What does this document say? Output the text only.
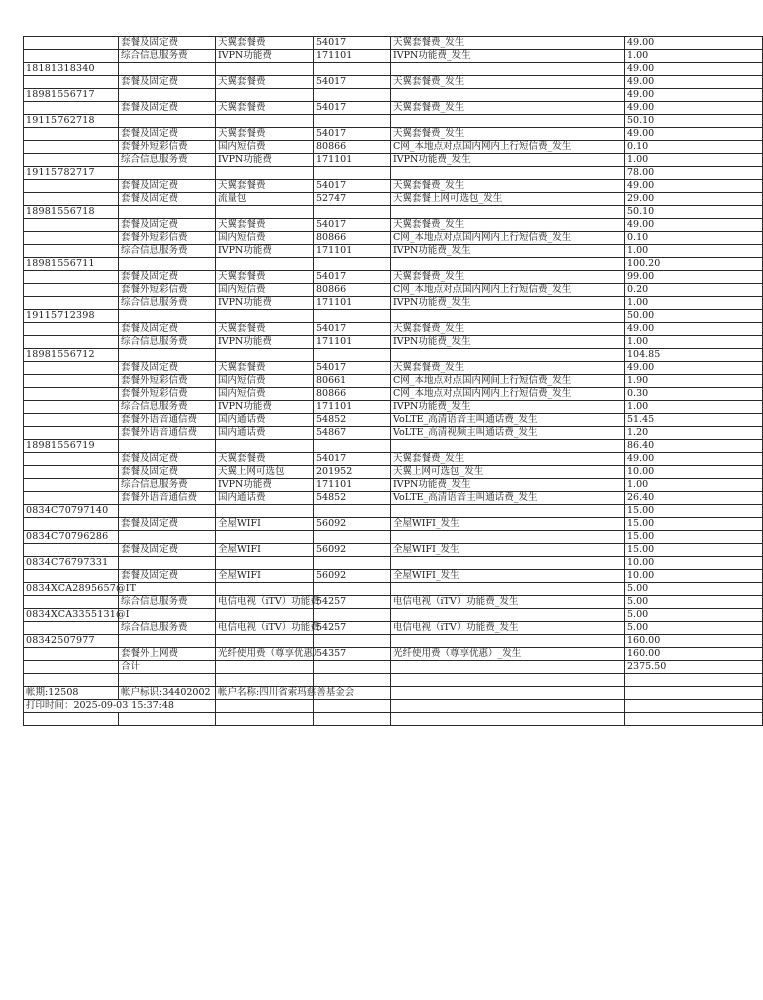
	套餐及固定费	天翼套餐费	54017	天翼套餐费_发生	49.00
	综合信息服务费	IVPN功能费	171101	IVPN功能费_发生	1.00
18181318340					49.00
	套餐及固定费	天翼套餐费	54017	天翼套餐费_发生	49.00
18981556717					49.00
	套餐及固定费	天翼套餐费	54017	天翼套餐费_发生	49.00
19115762718					50.10
	套餐及固定费	天翼套餐费	54017	天翼套餐费_发生	49.00
	套餐外短彩信费	国内短信费	80866	C网_本地点对点国内网内上行短信费_发生	0.10
	综合信息服务费	IVPN功能费	171101	IVPN功能费_发生	1.00
19115782717					78.00
	套餐及固定费	天翼套餐费	54017	天翼套餐费_发生	49.00
	套餐及固定费	流量包	52747	天翼套餐上网可选包_发生	29.00
18981556718					50.10
	套餐及固定费	天翼套餐费	54017	天翼套餐费_发生	49.00
	套餐外短彩信费	国内短信费	80866	C网_本地点对点国内网内上行短信费_发生	0.10
	综合信息服务费	IVPN功能费	171101	IVPN功能费_发生	1.00
18981556711					100.20
	套餐及固定费	天翼套餐费	54017	天翼套餐费_发生	99.00
	套餐外短彩信费	国内短信费	80866	C网_本地点对点国内网内上行短信费_发生	0.20
	综合信息服务费	IVPN功能费	171101	IVPN功能费_发生	1.00
19115712398					50.00
	套餐及固定费	天翼套餐费	54017	天翼套餐费_发生	49.00
	综合信息服务费	IVPN功能费	171101	IVPN功能费_发生	1.00
18981556712					104.85
	套餐及固定费	天翼套餐费	54017	天翼套餐费_发生	49.00
	套餐外短彩信费	国内短信费	80661	C网_本地点对点国内网间上行短信费_发生	1.90
	套餐外短彩信费	国内短信费	80866	C网_本地点对点国内网内上行短信费_发生	0.30
	综合信息服务费	IVPN功能费	171101	IVPN功能费_发生	1.00
	套餐外语音通信费	国内通话费	54852	VoLTE_高清语音主叫通话费_发生	51.45
	套餐外语音通信费	国内通话费	54867	VoLTE_高清视频主叫通话费_发生	1.20
18981556719					86.40
	套餐及固定费	天翼套餐费	54017	天翼套餐费_发生	49.00
	套餐及固定费	天翼上网可选包	201952	天翼上网可选包_发生	10.00
	综合信息服务费	IVPN功能费	171101	IVPN功能费_发生	1.00
	套餐外语音通信费	国内通话费	54852	VoLTE_高清语音主叫通话费_发生	26.40
0834C70797140					15.00
	套餐及固定费	全屋WIFI	56092	全屋WIFI_发生	15.00
0834C70796286					15.00
	套餐及固定费	全屋WIFI	56092	全屋WIFI_发生	15.00
0834C76797331					10.00
	套餐及固定费	全屋WIFI	56092	全屋WIFI_发生	10.00
0834XCA2895657@IT					5.00
	综合信息服务费	电信电视（iTV）功能费	54257	电信电视（iTV）功能费_发生	5.00
0834XCA3355131@I					5.00
	综合信息服务费	电信电视（iTV）功能费	54257	电信电视（iTV）功能费_发生	5.00
08342507977					160.00
	套餐外上网费	光纤使用费（尊享优惠）	54357	光纤使用费（尊享优惠）_发生	160.00
	合计				2375.50

帐期:12508	帐户标识:34402002	帐户名称:四川省索玛慈善基金会			
打印时间：2025-09-03 15:37:48					
